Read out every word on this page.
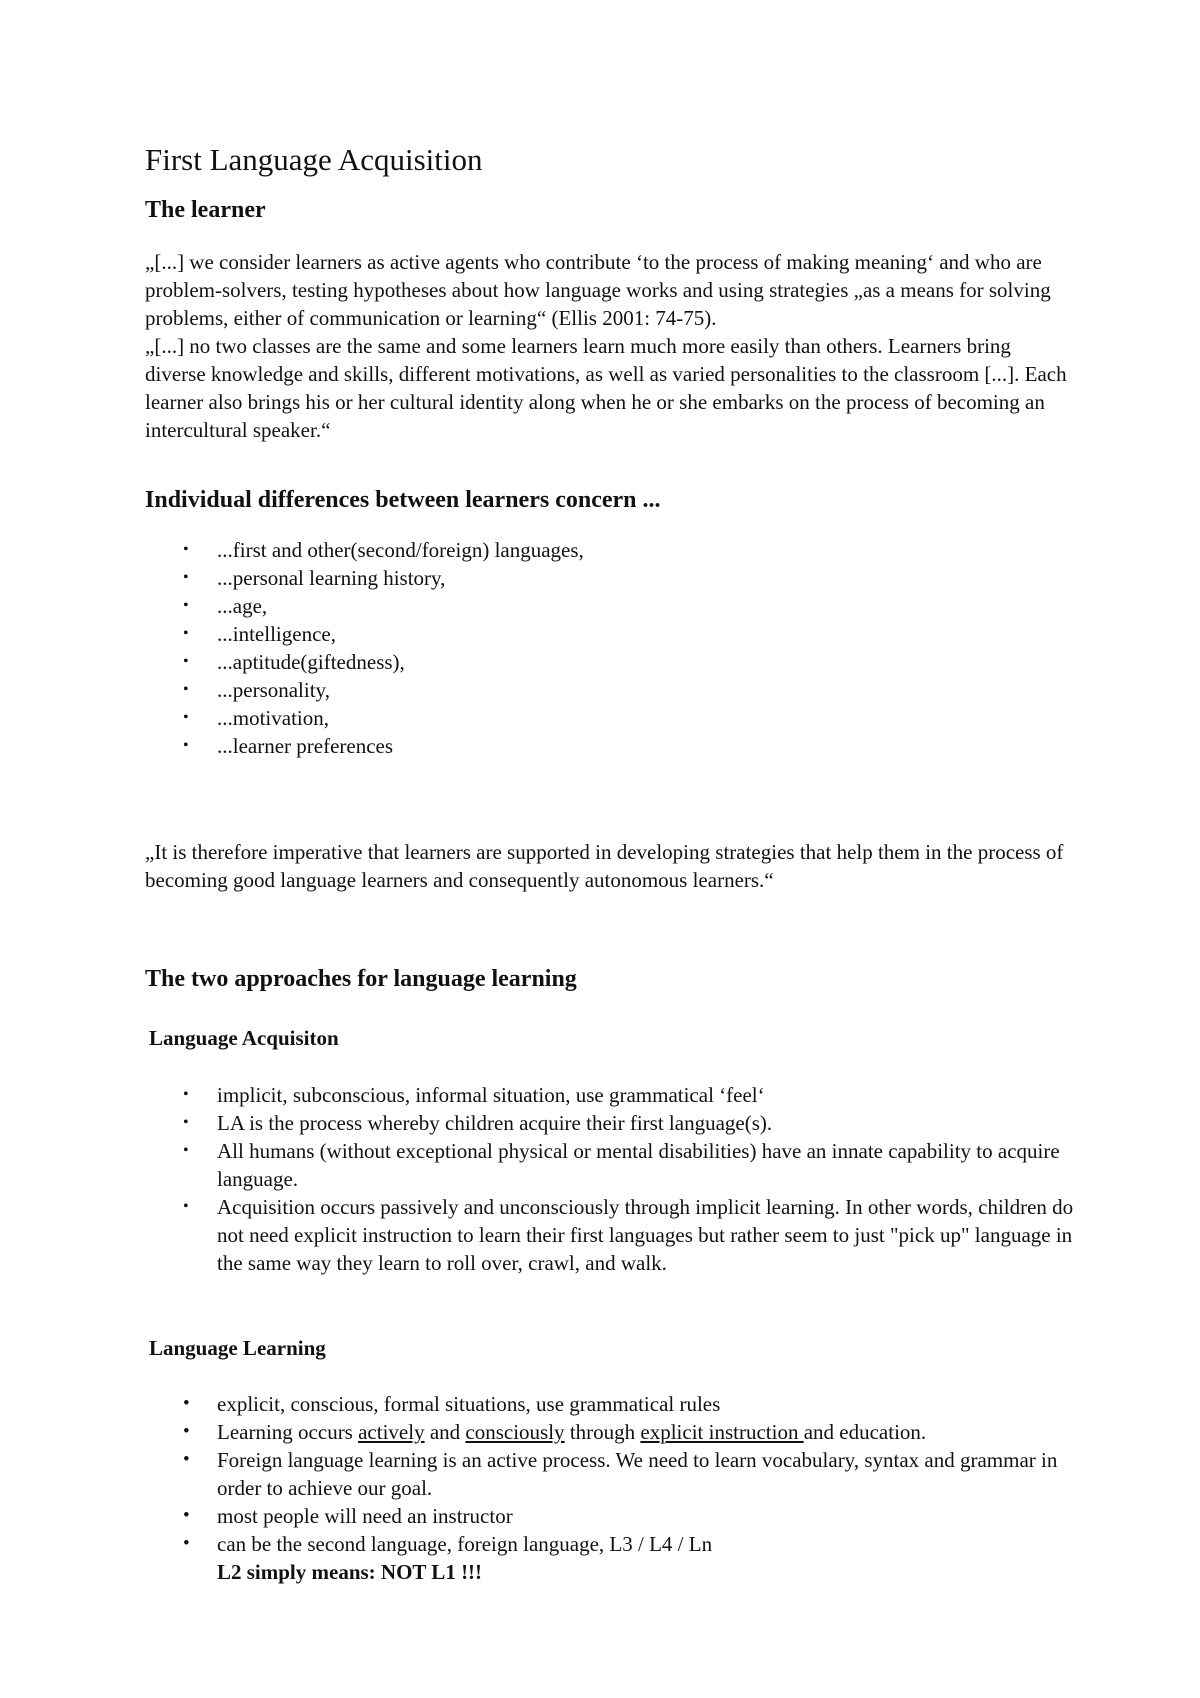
First Language Acquisition
The learner

„[...] we consider learners as active agents who contribute ‘to the process of making meaning‘ and who are problem-solvers, testing hypotheses about how language works and using strategies „as a means for solving problems, either of communication or learning“ (Ellis 2001: 74-75).

„[...] no two classes are the same and some learners learn much more easily than others. Learners bring diverse knowledge and skills, different motivations, as well as varied personalities to the classroom [...]. Each learner also brings his or her cultural identity along when he or she embarks on the process of becoming an intercultural speaker.“

Individual differences between learners concern ...
• ...first and other(second/foreign) languages,
• ...personal learning history,
• ...age,
• ...intelligence,
• ...aptitude(giftedness),
• ...personality,
• ...motivation,
• ...learner preferences

„It is therefore imperative that learners are supported in developing strategies that help them in the process of becoming good language learners and consequently autonomous learners.“

The two approaches for language learning
Language Acquisiton
• implicit, subconscious, informal situation, use grammatical ‘feel‘
• LA is the process whereby children acquire their first language(s).
• All humans (without exceptional physical or mental disabilities) have an innate capability to acquire language.
• Acquisition occurs passively and unconsciously through implicit learning. In other words, children do not need explicit instruction to learn their first languages but rather seem to just "pick up" language in the same way they learn to roll over, crawl, and walk.
Language Learning
• explicit, conscious, formal situations, use grammatical rules
• Learning occurs actively and consciously through explicit instruction and education.
• Foreign language learning is an active process. We need to learn vocabulary, syntax and grammar in order to achieve our goal.
• most people will need an instructor
• can be the second language, foreign language, L3 / L4 / Ln
L2 simply means: NOT L1 !!!
